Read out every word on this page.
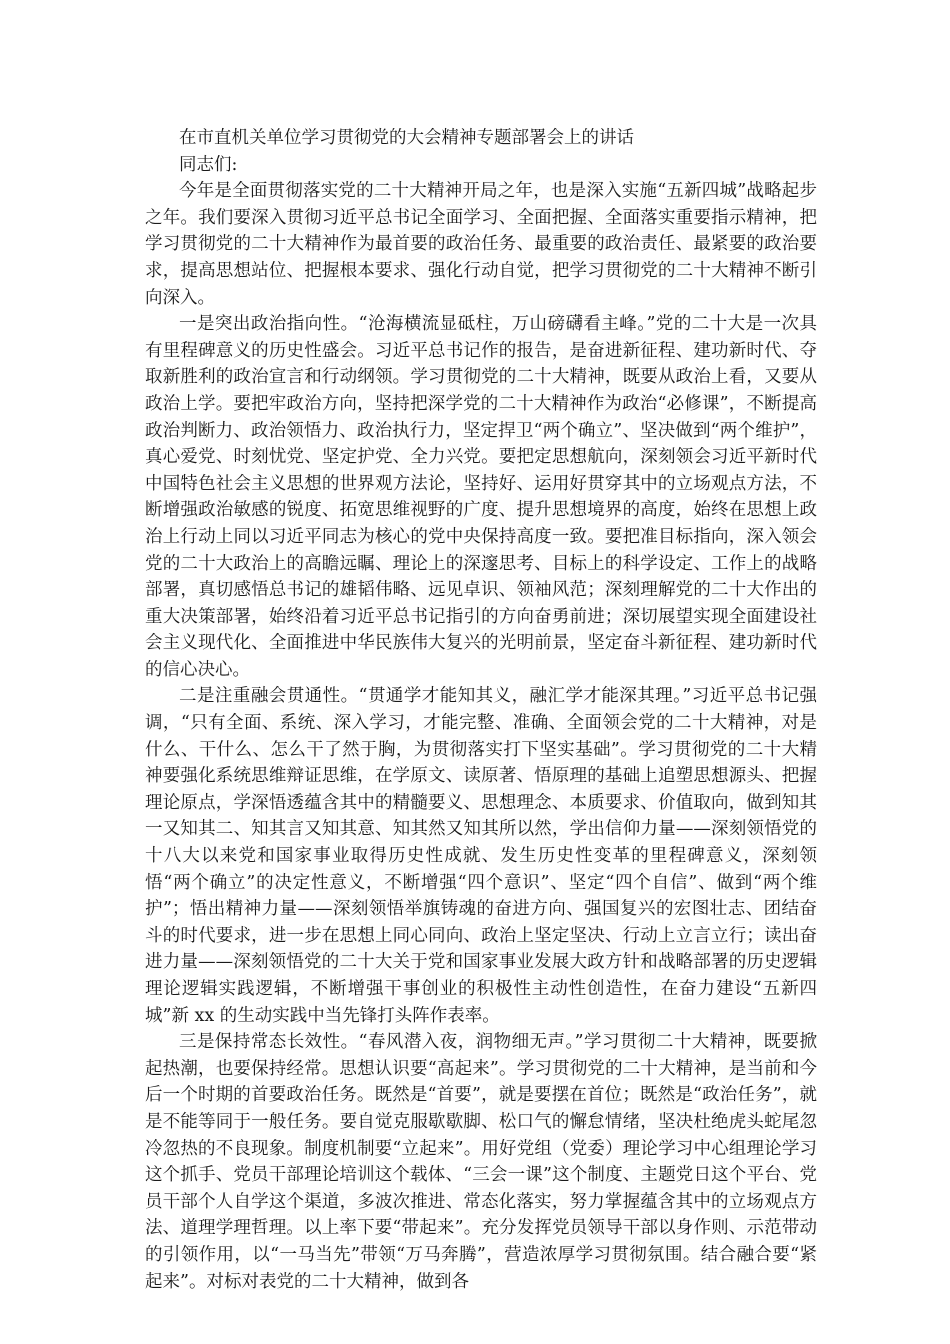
在市直机关单位学习贯彻党的大会精神专题部署会上的讲话

同志们:

今年是全面贯彻落实党的二十大精神开局之年，也是深入实施“五新四城”战略起步之年。我们要深入贯彻习近平总书记全面学习、全面把握、全面落实重要指示精神，把学习贯彻党的二十大精神作为最首要的政治任务、最重要的政治责任、最紧要的政治要求，提高思想站位、把握根本要求、强化行动自觉，把学习贯彻党的二十大精神不断引向深入。

一是突出政治指向性。“沧海横流显砥柱，万山磅礴看主峰。”党的二十大是一次具有里程碑意义的历史性盛会。习近平总书记作的报告，是奋进新征程、建功新时代、夺取新胜利的政治宣言和行动纲领。学习贯彻党的二十大精神，既要从政治上看，又要从政治上学。要把牢政治方向，坚持把深学党的二十大精神作为政治“必修课”，不断提高政治判断力、政治领悟力、政治执行力，坚定捍卫“两个确立”、坚决做到“两个维护”，真心爱党、时刻忧党、坚定护党、全力兴党。要把定思想航向，深刻领会习近平新时代中国特色社会主义思想的世界观方法论，坚持好、运用好贯穿其中的立场观点方法，不断增强政治敏感的锐度、拓宽思维视野的广度、提升思想境界的高度，始终在思想上政治上行动上同以习近平同志为核心的党中央保持高度一致。要把准目标指向，深入领会党的二十大政治上的高瞻远瞩、理论上的深邃思考、目标上的科学设定、工作上的战略部署，真切感悟总书记的雄韬伟略、远见卓识、领袖风范；深刻理解党的二十大作出的重大决策部署，始终沿着习近平总书记指引的方向奋勇前进；深切展望实现全面建设社会主义现代化、全面推进中华民族伟大复兴的光明前景，坚定奋斗新征程、建功新时代的信心决心。

二是注重融会贯通性。“贯通学才能知其义，融汇学才能深其理。”习近平总书记强调，“只有全面、系统、深入学习，才能完整、准确、全面领会党的二十大精神，对是什么、干什么、怎么干了然于胸，为贯彻落实打下坚实基础”。学习贯彻党的二十大精神要强化系统思维辩证思维，在学原文、读原著、悟原理的基础上追塑思想源头、把握理论原点，学深悟透蕴含其中的精髓要义、思想理念、本质要求、价值取向，做到知其一又知其二、知其言又知其意、知其然又知其所以然，学出信仰力量——深刻领悟党的十八大以来党和国家事业取得历史性成就、发生历史性变革的里程碑意义，深刻领悟“两个确立”的决定性意义，不断增强“四个意识”、坚定“四个自信”、做到“两个维护”；悟出精神力量——深刻领悟举旗铸魂的奋进方向、强国复兴的宏图壮志、团结奋斗的时代要求，进一步在思想上同心同向、政治上坚定坚决、行动上立言立行；读出奋进力量——深刻领悟党的二十大关于党和国家事业发展大政方针和战略部署的历史逻辑理论逻辑实践逻辑，不断增强干事创业的积极性主动性创造性，在奋力建设“五新四城”新 xx 的生动实践中当先锋打头阵作表率。

三是保持常态长效性。“春风潜入夜，润物细无声。”学习贯彻二十大精神，既要掀起热潮，也要保持经常。思想认识要“高起来”。学习贯彻党的二十大精神，是当前和今后一个时期的首要政治任务。既然是“首要”，就是要摆在首位；既然是“政治任务”，就是不能等同于一般任务。要自觉克服歇歇脚、松口气的懈怠情绪，坚决杜绝虎头蛇尾忽冷忽热的不良现象。制度机制要“立起来”。用好党组（党委）理论学习中心组理论学习这个抓手、党员干部理论培训这个载体、“三会一课”这个制度、主题党日这个平台、党员干部个人自学这个渠道，多波次推进、常态化落实，努力掌握蕴含其中的立场观点方法、道理学理哲理。以上率下要“带起来”。充分发挥党员领导干部以身作则、示范带动的引领作用，以“一马当先”带领“万马奔腾”，营造浓厚学习贯彻氛围。结合融合要“紧起来”。对标对表党的二十大精神，做到各
